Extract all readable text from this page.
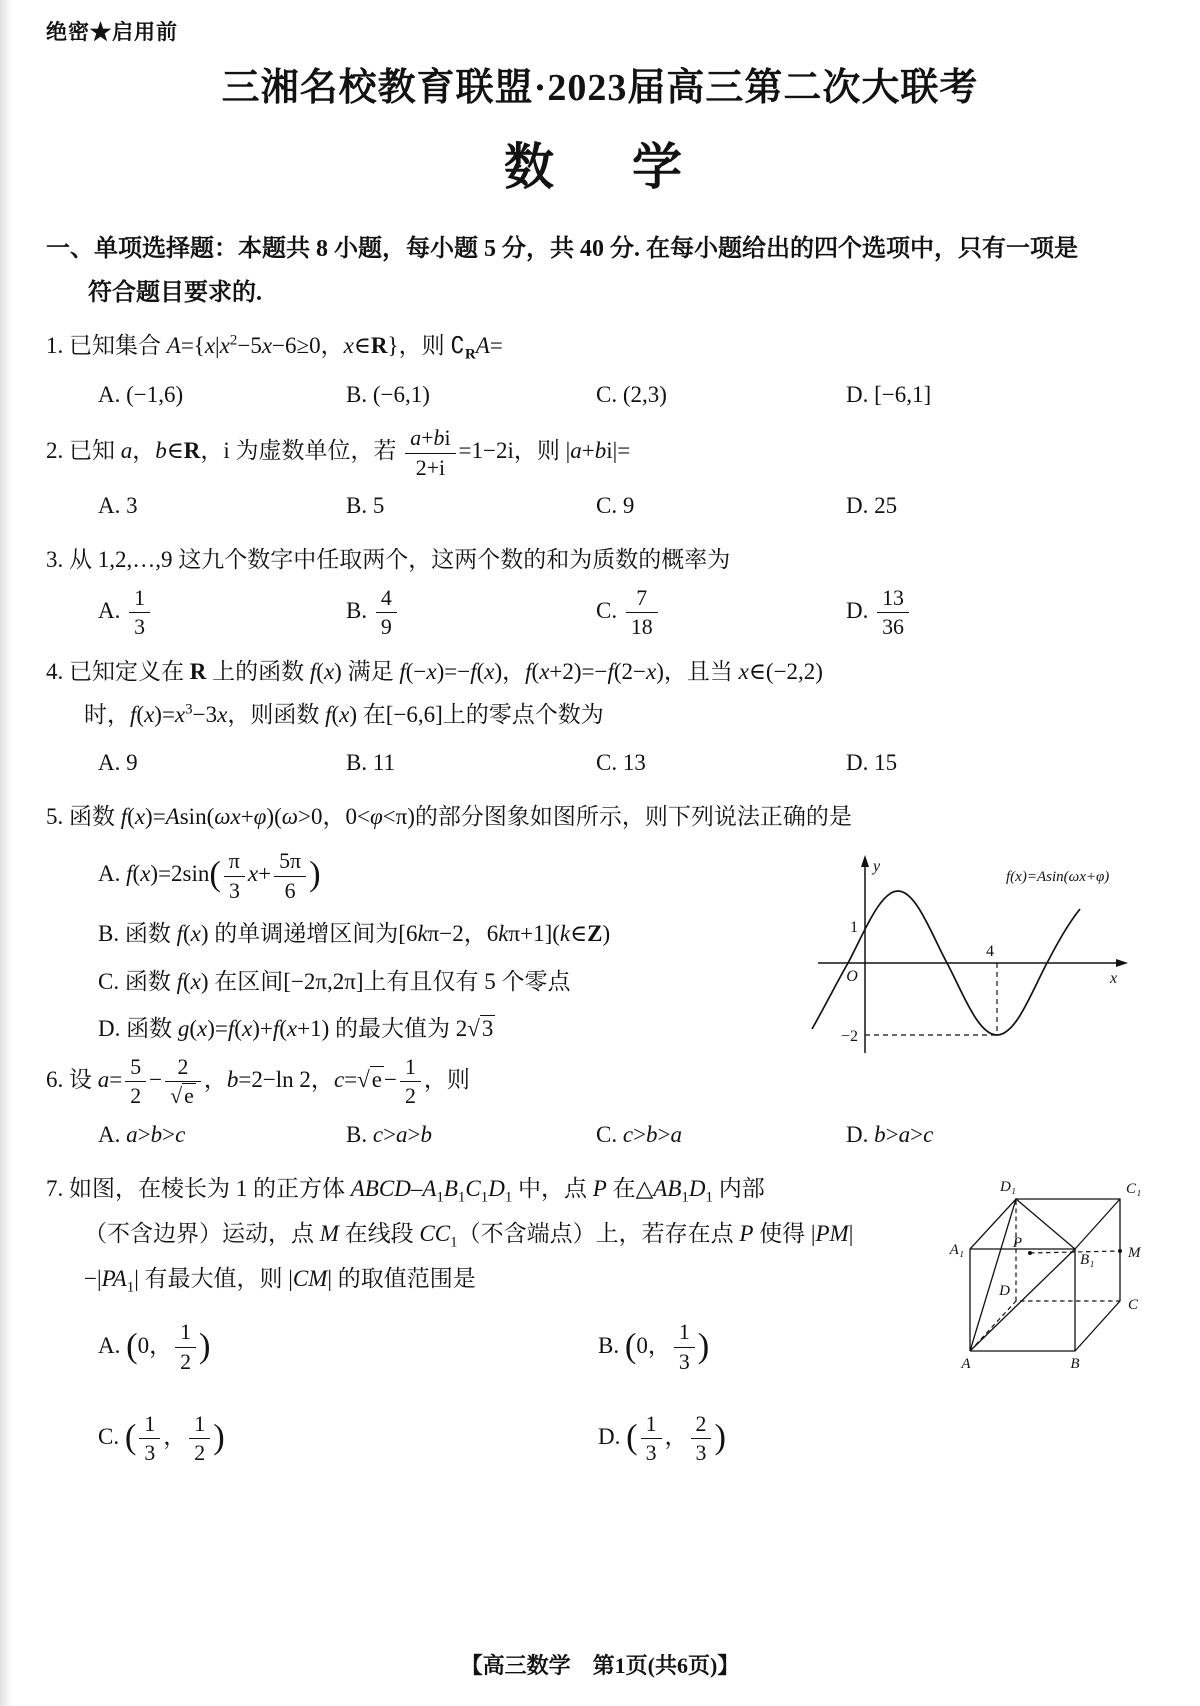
绝密★启用前
三湘名校教育联盟·2023届高三第二次大联考
数　学
一、单项选择题：本题共 8 小题，每小题 5 分，共 40 分. 在每小题给出的四个选项中，只有一项是
符合题目要求的.
1. 已知集合 $A=\{x|x^2-5x-6\ge 0$，x∈R}，则 $∁_RA=$
A. (−1,6)	B. (−6,1)	C. (2,3)	D. [−6,1]
2. 已知 a，b∈R，i 为虚数单位，若 $\frac{a+bi}{2+i} =1-2i$，则 |a+bi|=
A. 3	B. 5	C. 9	D. 25
3. 从 1,2,…,9 这九个数字中任取两个，这两个数的和为质数的概率为
A. $\frac{1}{3}$	B. $\frac{4}{9}$	C. $\frac{7}{18}$	D. $\frac{13}{36}$
4. 已知定义在 R 上的函数 f(x) 满足 f(−x)=−f(x)，f(x+2)=−f(2−x)，且当 x∈(−2,2)
时，$f(x)=x^3-3x$，则函数 f(x) 在[−6,6]上的零点个数为
A. 9	B. 11	C. 13	D. 15
5. 函数 f(x)=Asin(ωx+φ)(ω>0，0<φ<π)的部分图象如图所示，则下列说法正确的是
A. $f(x)=2\sin( \frac{\pi}{3} x+ \frac{5\pi}{6}$ )
B. 函数 f(x) 的单调递增区间为[6kπ−2，6kπ+1](k∈Z)
C. 函数 f(x) 在区间[−2π,2π]上有且仅有 5 个零点
D. 函数 g(x)=f(x)+f(x+1) 的最大值为 2√3
y
x
O
1
4
−2
f(x)=Asin(ωx+φ)
6. 设 $a= \frac{5}{2} - \frac{2}{√e}$ ，b=2−ln 2，$c=√e- \frac{1}{2}$ ，则
A. a>b>c	B. c>a>b	C. c>b>a	D. b>a>c
D₁	C₁
A₁
B₁ M
P
D
C
A	B
7. 如图，在棱长为 1 的正方体 ABCD–$A_1B_1C_1D_1$ 中，点 P 在$\triangle AB_1D_1$ 内部
（不含边界）运动，点 M 在线段 $CC_1$（不含端点）上，若存在点 P 使得 |PM|
$-|PA_1|$ 有最大值，则 |CM| 的取值范围是
A. (0， $\frac{1}{2}$ )	B. (0， $\frac{1}{3}$ )
C. ( $\frac{1}{3}$ ， $\frac{1}{2}$ )	D. ( $\frac{1}{3}$ ， $\frac{2}{3}$ )
【高三数学　第1页(共6页)】
